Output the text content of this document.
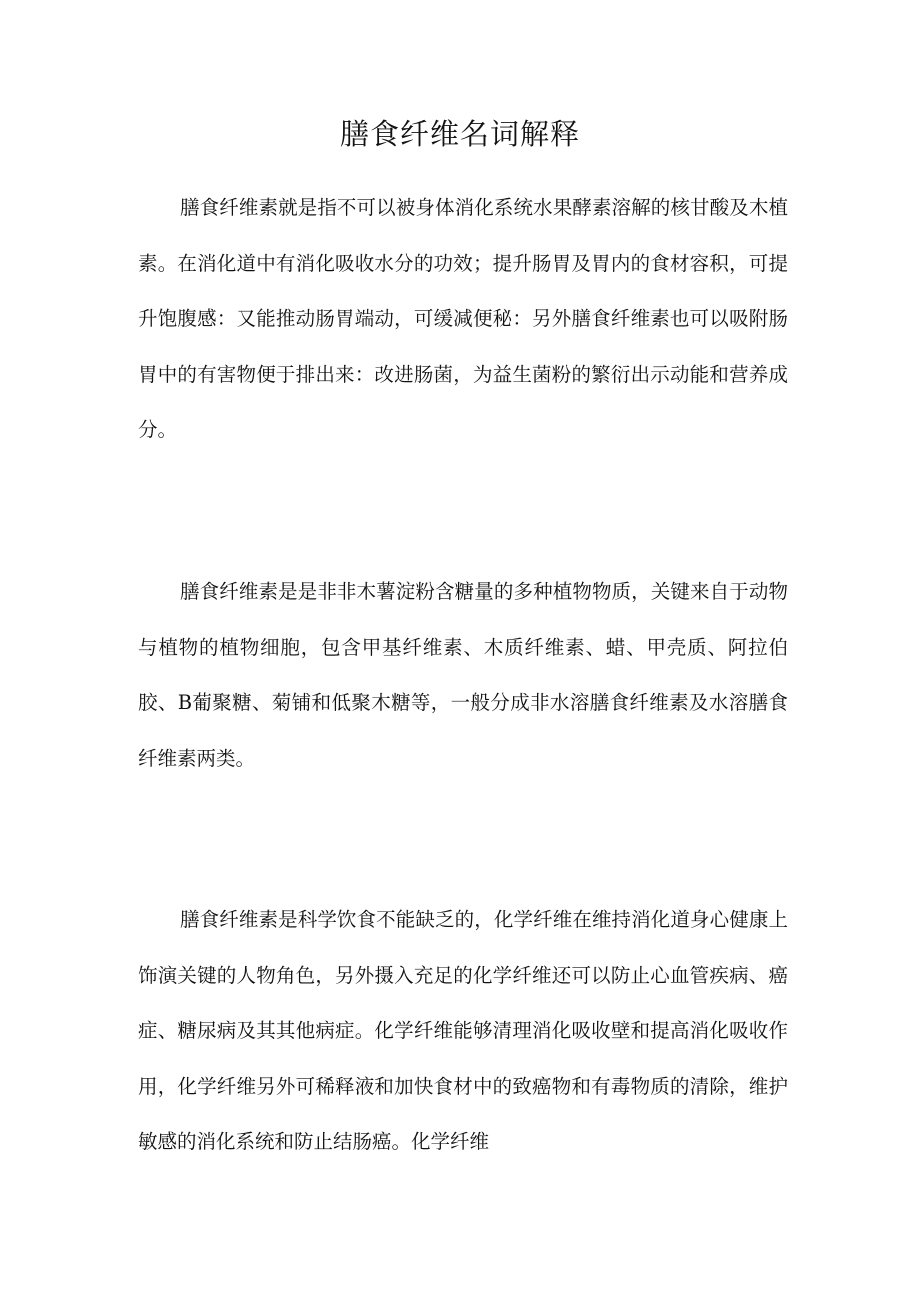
膳食纤维名词解释

膳食纤维素就是指不可以被身体消化系统水果酵素溶解的核甘酸及木植素。在消化道中有消化吸收水分的功效；提升肠胃及胃内的食材容积，可提升饱腹感：又能推动肠胃端动，可缓减便秘：另外膳食纤维素也可以吸附肠胃中的有害物便于排出来：改进肠菌，为益生菌粉的繁衍出示动能和营养成分。

膳食纤维素是是非非木薯淀粉含糖量的多种植物物质，关键来自于动物与植物的植物细胞，包含甲基纤维素、木质纤维素、蜡、甲壳质、阿拉伯胶、B葡聚糖、菊铺和低聚木糖等，一般分成非水溶膳食纤维素及水溶膳食纤维素两类。

膳食纤维素是科学饮食不能缺乏的，化学纤维在维持消化道身心健康上饰演关键的人物角色，另外摄入充足的化学纤维还可以防止心血管疾病、癌症、糖尿病及其其他病症。化学纤维能够清理消化吸收壁和提高消化吸收作用，化学纤维另外可稀释液和加快食材中的致癌物和有毒物质的清除，维护敏感的消化系统和防止结肠癌。化学纤维
